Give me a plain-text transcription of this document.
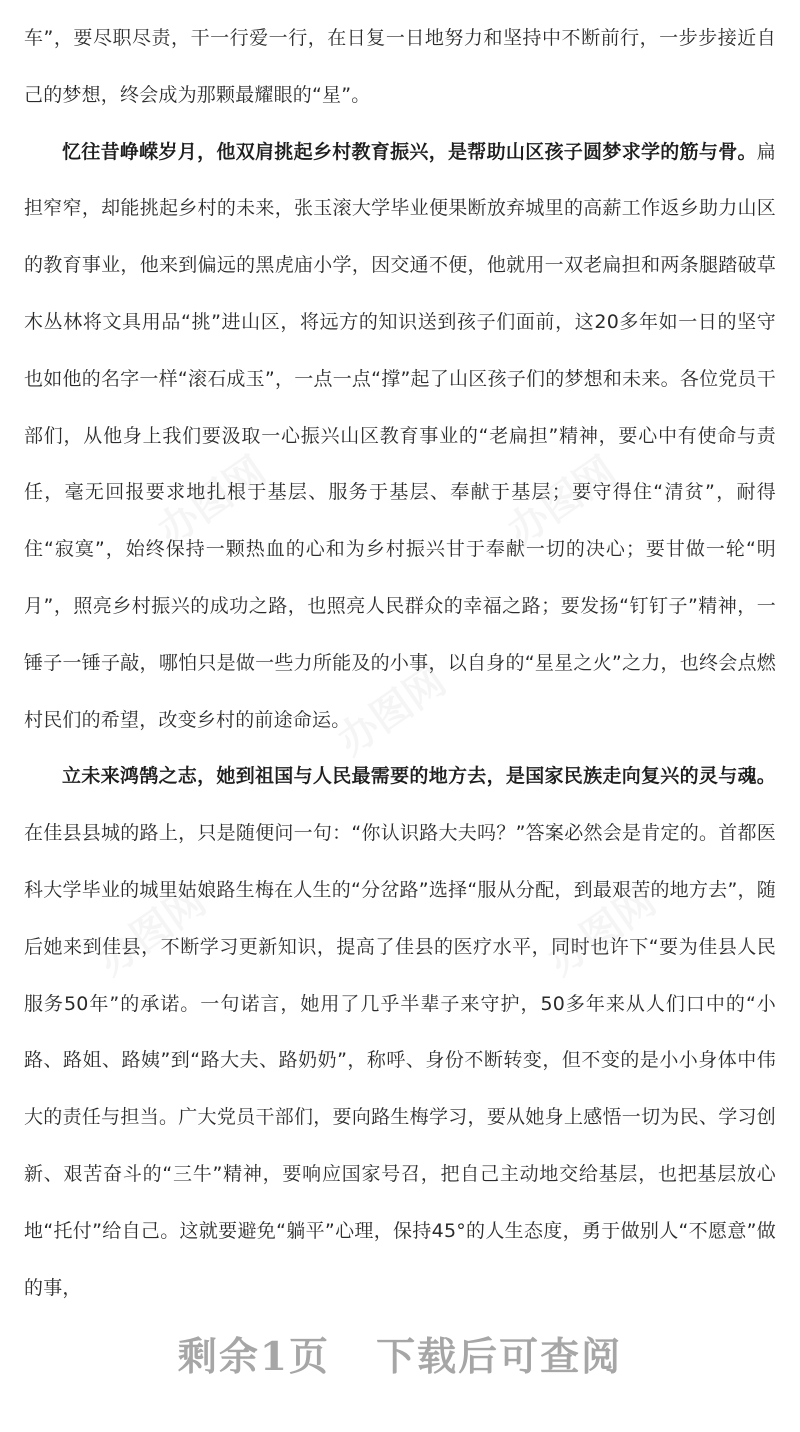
车”，要尽职尽责，干一行爱一行，在日复一日地努力和坚持中不断前行，一步步接近自己的梦想，终会成为那颗最耀眼的“星”。

忆往昔峥嵘岁月，他双肩挑起乡村教育振兴，是帮助山区孩子圆梦求学的筋与骨。扁担窄窄，却能挑起乡村的未来，张玉滚大学毕业便果断放弃城里的高薪工作返乡助力山区的教育事业，他来到偏远的黑虎庙小学，因交通不便，他就用一双老扁担和两条腿踏破草木丛林将文具用品“挑”进山区，将远方的知识送到孩子们面前，这20多年如一日的坚守也如他的名字一样“滚石成玉”，一点一点“撑”起了山区孩子们的梦想和未来。各位党员干部们，从他身上我们要汲取一心振兴山区教育事业的“老扁担”精神，要心中有使命与责任，毫无回报要求地扎根于基层、服务于基层、奉献于基层；要守得住“清贫”，耐得住“寂寞”，始终保持一颗热血的心和为乡村振兴甘于奉献一切的决心；要甘做一轮“明月”，照亮乡村振兴的成功之路，也照亮人民群众的幸福之路；要发扬“钉钉子”精神，一锤子一锤子敲，哪怕只是做一些力所能及的小事，以自身的“星星之火”之力，也终会点燃村民们的希望，改变乡村的前途命运。

立未来鸿鹄之志，她到祖国与人民最需要的地方去，是国家民族走向复兴的灵与魂。在佳县县城的路上，只是随便问一句：“你认识路大夫吗？”答案必然会是肯定的。首都医科大学毕业的城里姑娘路生梅在人生的“分岔路”选择“服从分配，到最艰苦的地方去”，随后她来到佳县，不断学习更新知识，提高了佳县的医疗水平，同时也许下“要为佳县人民服务50年”的承诺。一句诺言，她用了几乎半辈子来守护，50多年来从人们口中的“小路、路姐、路姨”到“路大夫、路奶奶”，称呼、身份不断转变，但不变的是小小身体中伟大的责任与担当。广大党员干部们，要向路生梅学习，要从她身上感悟一切为民、学习创新、艰苦奋斗的“三牛”精神，要响应国家号召，把自己主动地交给基层，也把基层放心地“托付”给自己。这就要避免“躺平”心理，保持45°的人生态度，勇于做别人“不愿意”做的事，

办图网	办图网
办图网
办图网	办图网
剩余1页 下载后可查阅
